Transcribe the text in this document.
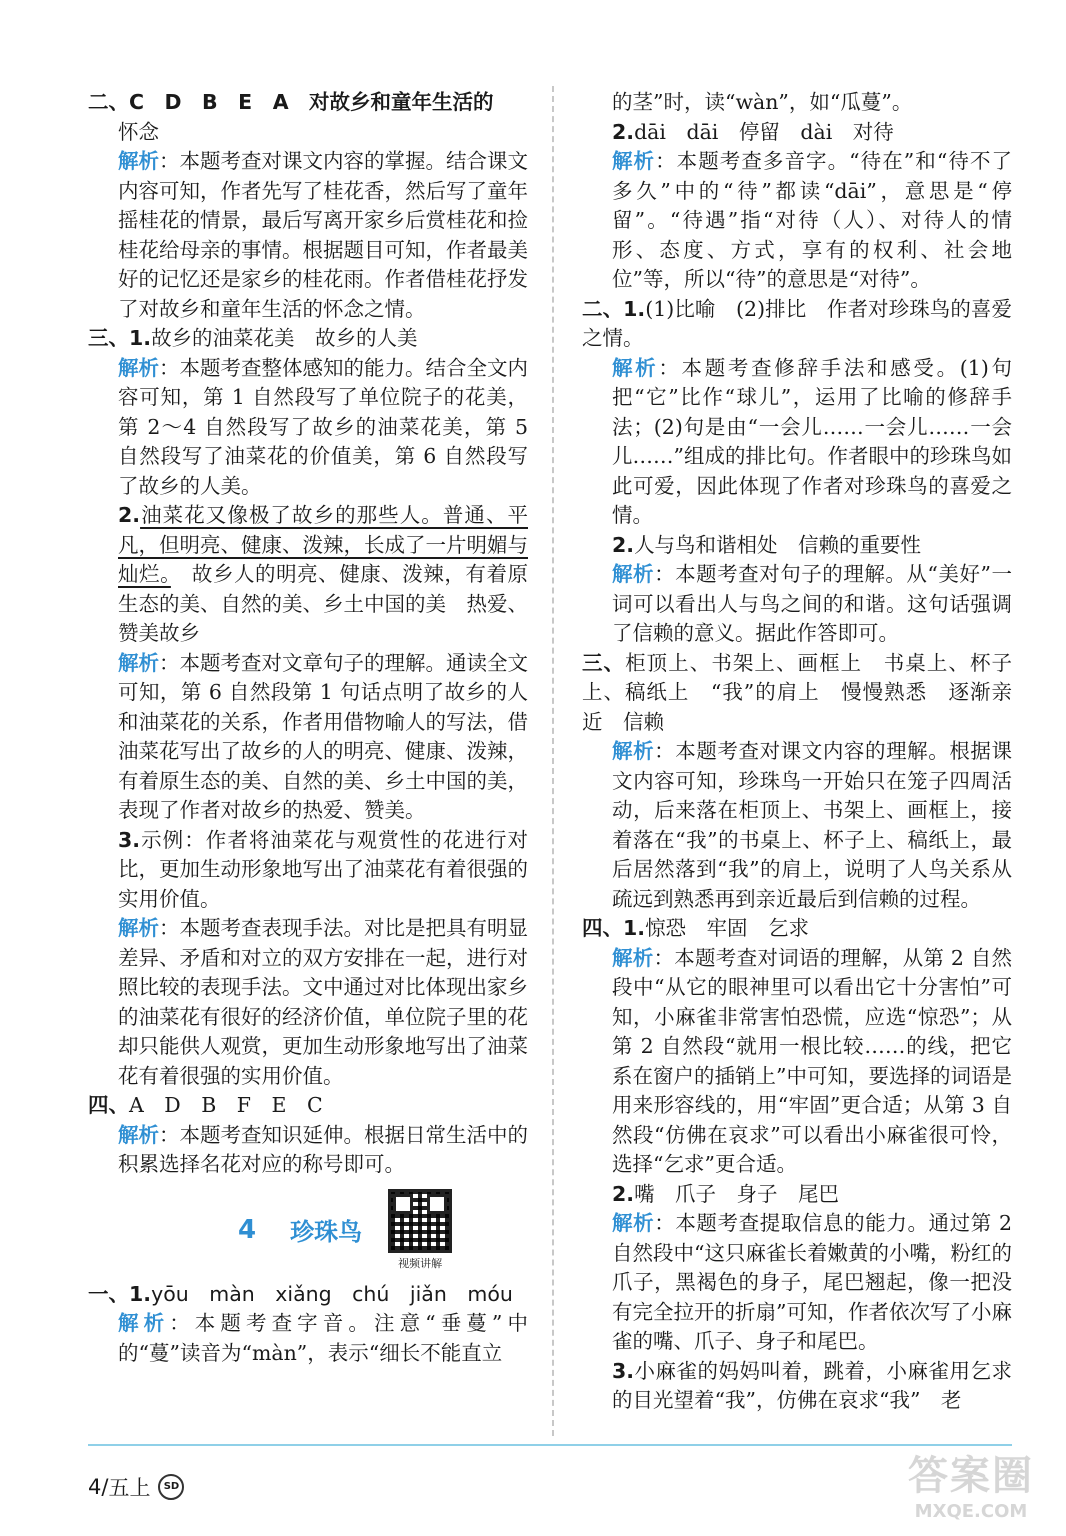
二、C　D　B　E　A　对故乡和童年生活的

怀念

解析：本题考查对课文内容的掌握。结合课文内容可知，作者先写了桂花香，然后写了童年摇桂花的情景，最后写离开家乡后赏桂花和捡桂花给母亲的事情。根据题目可知，作者最美好的记忆还是家乡的桂花雨。作者借桂花抒发了对故乡和童年生活的怀念之情。

三、1.故乡的油菜花美　故乡的人美

解析：本题考查整体感知的能力。结合全文内容可知，第 1 自然段写了单位院子的花美，第 2～4 自然段写了故乡的油菜花美，第 5 自然段写了油菜花的价值美，第 6 自然段写了故乡的人美。

2.油菜花又像极了故乡的那些人。普通、平凡，但明亮、健康、泼辣，长成了一片明媚与灿烂。　故乡人的明亮、健康、泼辣，有着原生态的美、自然的美、乡土中国的美　热爱、赞美故乡

解析：本题考查对文章句子的理解。通读全文可知，第 6 自然段第 1 句话点明了故乡的人和油菜花的关系，作者用借物喻人的写法，借油菜花写出了故乡的人的明亮、健康、泼辣，有着原生态的美、自然的美、乡土中国的美，表现了作者对故乡的热爱、赞美。

3.示例：作者将油菜花与观赏性的花进行对比，更加生动形象地写出了油菜花有着很强的实用价值。

解析：本题考查表现手法。对比是把具有明显差异、矛盾和对立的双方安排在一起，进行对照比较的表现手法。文中通过对比体现出家乡的油菜花有很好的经济价值，单位院子里的花却只能供人观赏，更加生动形象地写出了油菜花有着很强的实用价值。

四、A　D　B　F　E　C

解析：本题考查知识延伸。根据日常生活中的积累选择名花对应的称号即可。

4 珍珠鸟
视频讲解

一、1.yōu　màn　xiǎng　chú　jiǎn　móu

解析：本题考查字音。注意“垂蔓”中的“蔓”读音为“màn”，表示“细长不能直立

的茎”时，读“wàn”，如“瓜蔓”。

2.dāi　dāi　停留　dài　对待

解析：本题考查多音字。“待在”和“待不了多久”中的“待”都读“dāi”，意思是“停留”。“待遇”指“对待（人）、对待人的情形、态度、方式，享有的权利、社会地位”等，所以“待”的意思是“对待”。

二、1.(1)比喻　(2)排比　作者对珍珠鸟的喜爱之情。

解析：本题考查修辞手法和感受。(1)句把“它”比作“球儿”，运用了比喻的修辞手法；(2)句是由“一会儿……一会儿……一会儿……”组成的排比句。作者眼中的珍珠鸟如此可爱，因此体现了作者对珍珠鸟的喜爱之情。

2.人与鸟和谐相处　信赖的重要性

解析：本题考查对句子的理解。从“美好”一词可以看出人与鸟之间的和谐。这句话强调了信赖的意义。据此作答即可。

三、柜顶上、书架上、画框上　书桌上、杯子上、稿纸上　“我”的肩上　慢慢熟悉　逐渐亲近　信赖

解析：本题考查对课文内容的理解。根据课文内容可知，珍珠鸟一开始只在笼子四周活动，后来落在柜顶上、书架上、画框上，接着落在“我”的书桌上、杯子上、稿纸上，最后居然落到“我”的肩上，说明了人鸟关系从疏远到熟悉再到亲近最后到信赖的过程。

四、1.惊恐　牢固　乞求

解析：本题考查对词语的理解，从第 2 自然段中“从它的眼神里可以看出它十分害怕”可知，小麻雀非常害怕恐慌，应选“惊恐”；从第 2 自然段“就用一根比较……的线，把它系在窗户的插销上”中可知，要选择的词语是用来形容线的，用“牢固”更合适；从第 3 自然段“仿佛在哀求”可以看出小麻雀很可怜，选择“乞求”更合适。

2.嘴　爪子　身子　尾巴

解析：本题考查提取信息的能力。通过第 2 自然段中“这只麻雀长着嫩黄的小嘴，粉红的爪子，黑褐色的身子，尾巴翘起，像一把没有完全拉开的折扇”可知，作者依次写了小麻雀的嘴、爪子、身子和尾巴。

3.小麻雀的妈妈叫着，跳着，小麻雀用乞求的目光望着“我”，仿佛在哀求“我”　老

4 / 五上	SD	答案圈
MXQE.COM
